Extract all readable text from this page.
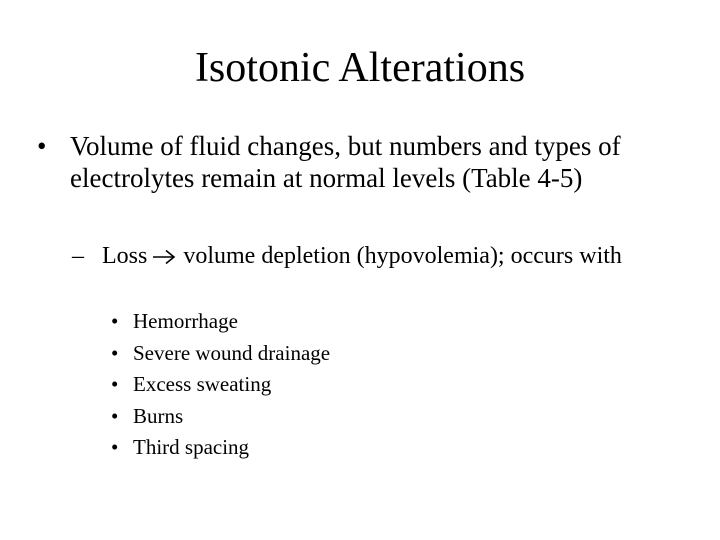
Isotonic Alterations
• Volume of fluid changes, but numbers and types of electrolytes remain at normal levels (Table 4-5)
– Loss volume depletion (hypovolemia); occurs with
• Hemorrhage
• Severe wound drainage
• Excess sweating
• Burns
• Third spacing
